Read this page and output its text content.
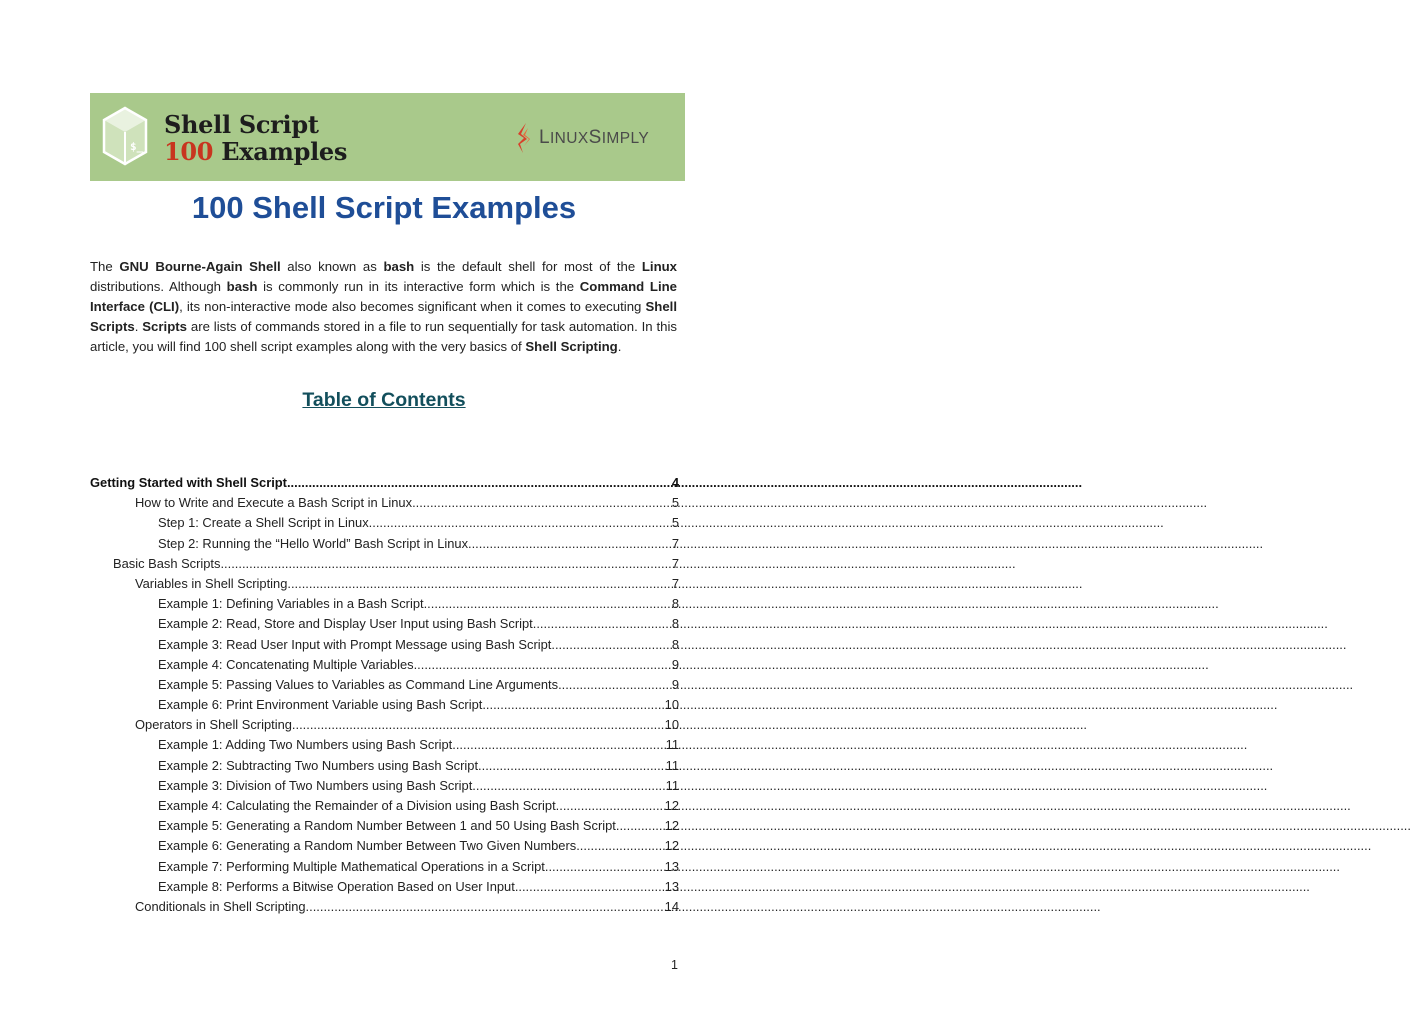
$_
Shell Script
100 Examples	LINUXSIMPLY
100 Shell Script Examples

The GNU Bourne-Again Shell also known as bash is the default shell for most of the Linux distributions. Although bash is commonly run in its interactive form which is the Command Line Interface (CLI), its non-interactive mode also becomes significant when it comes to executing Shell Scripts. Scripts are lists of commands stored in a file to run sequentially for task automation. In this article, you will find 100 shell script examples along with the very basics of Shell Scripting.

Table of Contents
Getting Started with Shell Script .....	4
How to Write and Execute a Bash Script in Linux .....	5
Step 1: Create a Shell Script in Linux .....	5
Step 2: Running the “Hello World” Bash Script in Linux .....	7
Basic Bash Scripts .....	7
Variables in Shell Scripting .....	7
Example 1: Defining Variables in a Bash Script .....	8
Example 2: Read, Store and Display User Input using Bash Script .....	8
Example 3: Read User Input with Prompt Message using Bash Script .....	8
Example 4: Concatenating Multiple Variables .....	9
Example 5: Passing Values to Variables as Command Line Arguments .....	9
Example 6: Print Environment Variable using Bash Script .....	10
Operators in Shell Scripting .....	10
Example 1: Adding Two Numbers using Bash Script .....	11
Example 2: Subtracting Two Numbers using Bash Script .....	11
Example 3: Division of Two Numbers using Bash Script .....	11
Example 4: Calculating the Remainder of a Division using Bash Script .....	12
Example 5: Generating a Random Number Between 1 and 50 Using Bash Script .....	12
Example 6: Generating a Random Number Between Two Given Numbers .....	12
Example 7: Performing Multiple Mathematical Operations in a Script .....	13
Example 8: Performs a Bitwise Operation Based on User Input .....	13
Conditionals in Shell Scripting .....	14
1
